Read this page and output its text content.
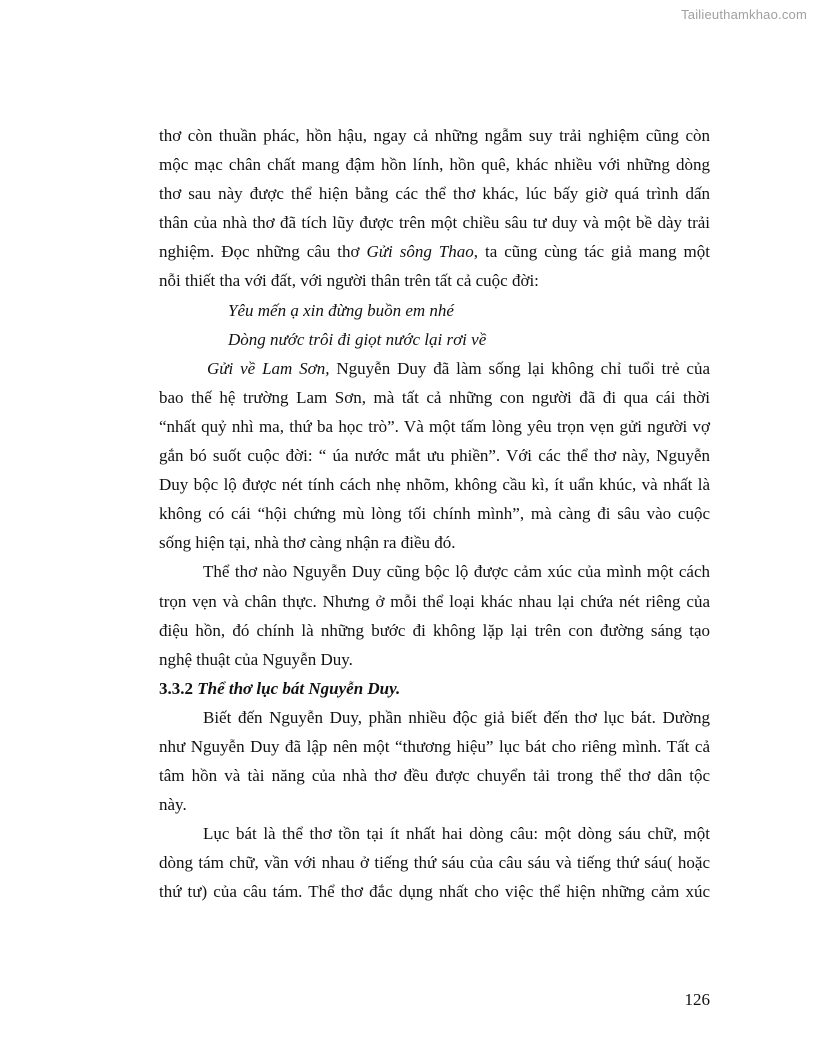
Tailieuthamkhao.com
thơ còn thuần phác, hồn hậu, ngay cả những ngẫm suy trải nghiệm cũng còn
mộc mạc chân chất mang đậm hồn lính, hồn quê, khác nhiều với những dòng
thơ sau này được thể hiện bằng các thể thơ khác, lúc bấy giờ quá trình dấn
thân của nhà thơ đã tích lũy được trên một chiều sâu tư duy và một bề dày trải
nghiệm. Đọc những câu thơ Gửi sông Thao, ta cũng cùng tác giả mang một
nỗi thiết tha với đất, với người thân trên tất cả cuộc đời:
Yêu mến ạ xin đừng buồn em nhé
Dòng nước trôi đi giọt nước lại rơi về
Gửi về Lam Sơn, Nguyễn Duy đã làm sống lại không chỉ tuổi trẻ của
bao thế hệ trường Lam Sơn, mà tất cả những con người đã đi qua cái thời
“nhất quỷ nhì ma, thứ ba học trò”. Và một tấm lòng yêu trọn vẹn gửi người vợ
gắn bó suốt cuộc đời: “ úa nước mắt ưu phiền”. Với các thể thơ này, Nguyễn
Duy bộc lộ được nét tính cách nhẹ nhõm, không cầu kì, ít uẩn khúc, và nhất là
không có cái “hội chứng mù lòng tối chính mình”, mà càng đi sâu vào cuộc
sống hiện tại, nhà thơ càng nhận ra điều đó.
Thể thơ nào Nguyễn Duy cũng bộc lộ được cảm xúc của mình một cách
trọn vẹn và chân thực. Nhưng ở mỗi thể loại khác nhau lại chứa nét riêng của
điệu hồn, đó chính là những bước đi không lặp lại trên con đường sáng tạo
nghệ thuật của Nguyễn Duy.
3.3.2 Thể thơ lục bát Nguyễn Duy.
Biết đến Nguyễn Duy, phần nhiều độc giả biết đến thơ lục bát. Dường
như Nguyễn Duy đã lập nên một “thương hiệu” lục bát cho riêng mình. Tất cả
tâm hồn và tài năng của nhà thơ đều được chuyển tải trong thể thơ dân tộc
này.
Lục bát là thể thơ tồn tại ít nhất hai dòng câu: một dòng sáu chữ, một
dòng tám chữ, vần với nhau ở tiếng thứ sáu của câu sáu và tiếng thứ sáu( hoặc
thứ tư) của câu tám. Thể thơ đắc dụng nhất cho việc thể hiện những cảm xúc
126
